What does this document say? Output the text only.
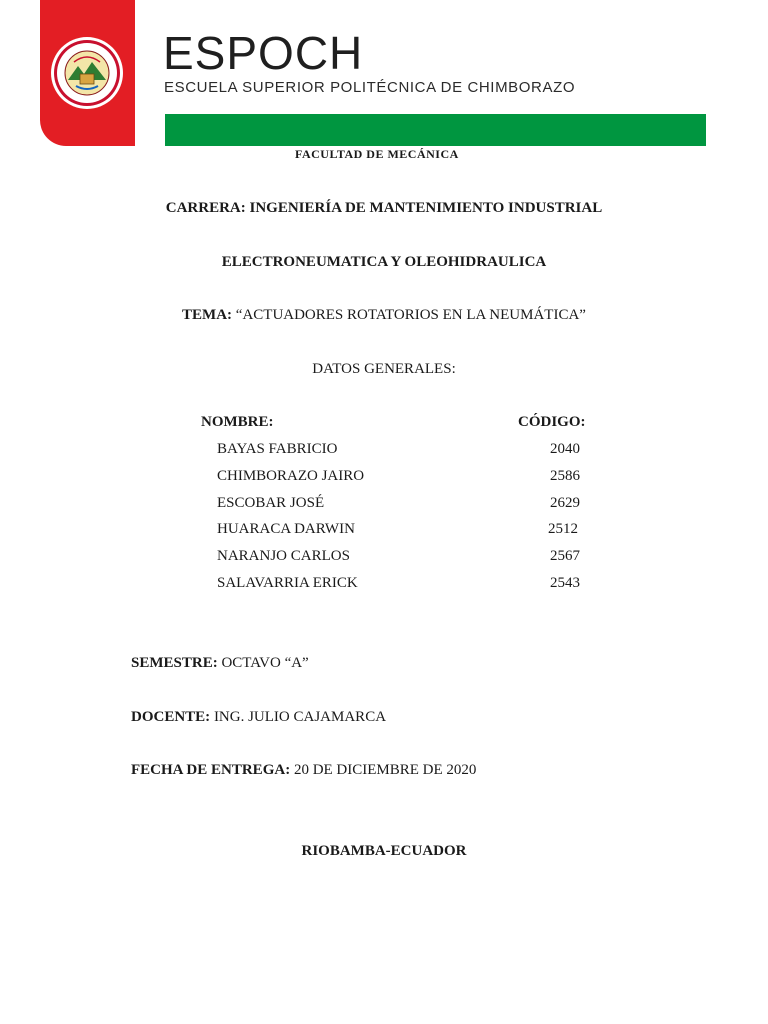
ESPOCH
ESCUELA SUPERIOR POLITÉCNICA DE CHIMBORAZO
FACULTAD DE MECÁNICA
CARRERA: INGENIERÍA DE MANTENIMIENTO INDUSTRIAL
ELECTRONEUMATICA Y OLEOHIDRAULICA
TEMA: “ACTUADORES ROTATORIOS EN LA NEUMÁTICA”
DATOS GENERALES:
NOMBRE:	CÓDIGO:
BAYAS FABRICIO	2040
CHIMBORAZO JAIRO	2586
ESCOBAR JOSÉ	2629
HUARACA DARWIN	2512
NARANJO CARLOS	2567
SALAVARRIA ERICK	2543
SEMESTRE: OCTAVO “A”
DOCENTE: ING. JULIO CAJAMARCA
FECHA DE ENTREGA: 20 DE DICIEMBRE DE 2020
RIOBAMBA-ECUADOR
